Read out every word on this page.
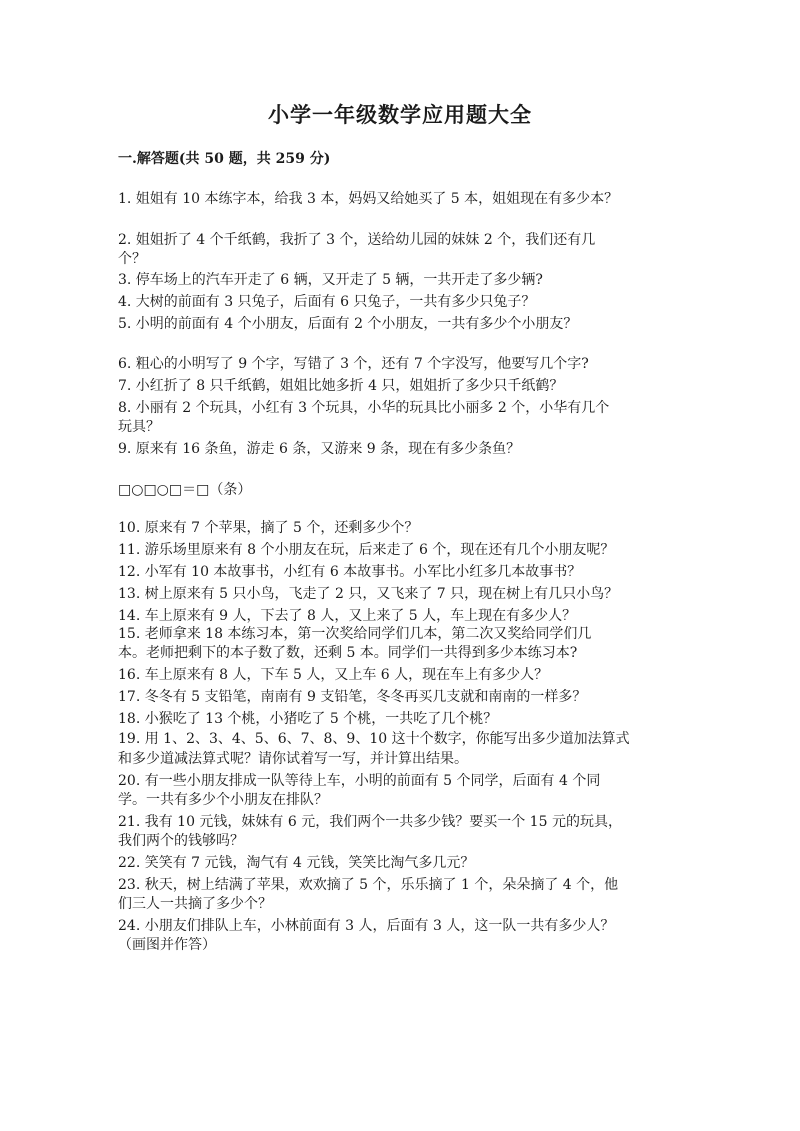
小学一年级数学应用题大全
一.解答题(共 50 题，共 259 分)
1. 姐姐有 10 本练字本，给我 3 本，妈妈又给她买了 5 本，姐姐现在有多少本？
2. 姐姐折了 4 个千纸鹤，我折了 3 个，送给幼儿园的妹妹 2 个，我们还有几
个？
3. 停车场上的汽车开走了 6 辆，又开走了 5 辆，一共开走了多少辆?
4. 大树的前面有 3 只兔子，后面有 6 只兔子，一共有多少只兔子？
5. 小明的前面有 4 个小朋友，后面有 2 个小朋友，一共有多少个小朋友？
6. 粗心的小明写了 9 个字，写错了 3 个，还有 7 个字没写，他要写几个字?
7. 小红折了 8 只千纸鹤，姐姐比她多折 4 只，姐姐折了多少只千纸鹤？
8. 小丽有 2 个玩具，小红有 3 个玩具，小华的玩具比小丽多 2 个，小华有几个
玩具？
9. 原来有 16 条鱼，游走 6 条，又游来 9 条，现在有多少条鱼？
□○□○□＝□（条）
10. 原来有 7 个苹果，摘了 5 个，还剩多少个？
11. 游乐场里原来有 8 个小朋友在玩，后来走了 6 个，现在还有几个小朋友呢？
12. 小军有 10 本故事书，小红有 6 本故事书。小军比小红多几本故事书？
13. 树上原来有 5 只小鸟，飞走了 2 只，又飞来了 7 只，现在树上有几只小鸟？
14. 车上原来有 9 人，下去了 8 人，又上来了 5 人，车上现在有多少人？
15. 老师拿来 18 本练习本，第一次奖给同学们几本，第二次又奖给同学们几
本。老师把剩下的本子数了数，还剩 5 本。同学们一共得到多少本练习本?
16. 车上原来有 8 人，下车 5 人，又上车 6 人，现在车上有多少人？
17. 冬冬有 5 支铅笔，南南有 9 支铅笔，冬冬再买几支就和南南的一样多？
18. 小猴吃了 13 个桃，小猪吃了 5 个桃，一共吃了几个桃？
19. 用 1、2、3、4、5、6、7、8、9、10 这十个数字，你能写出多少道加法算式
和多少道减法算式呢？请你试着写一写，并计算出结果。
20. 有一些小朋友排成一队等待上车，小明的前面有 5 个同学，后面有 4 个同
学。一共有多少个小朋友在排队？
21. 我有 10 元钱，妹妹有 6 元，我们两个一共多少钱？要买一个 15 元的玩具，
我们两个的钱够吗？
22. 笑笑有 7 元钱，淘气有 4 元钱，笑笑比淘气多几元？
23. 秋天，树上结满了苹果，欢欢摘了 5 个，乐乐摘了 1 个，朵朵摘了 4 个，他
们三人一共摘了多少个？
24. 小朋友们排队上车，小林前面有 3 人，后面有 3 人，这一队一共有多少人？
（画图并作答）
